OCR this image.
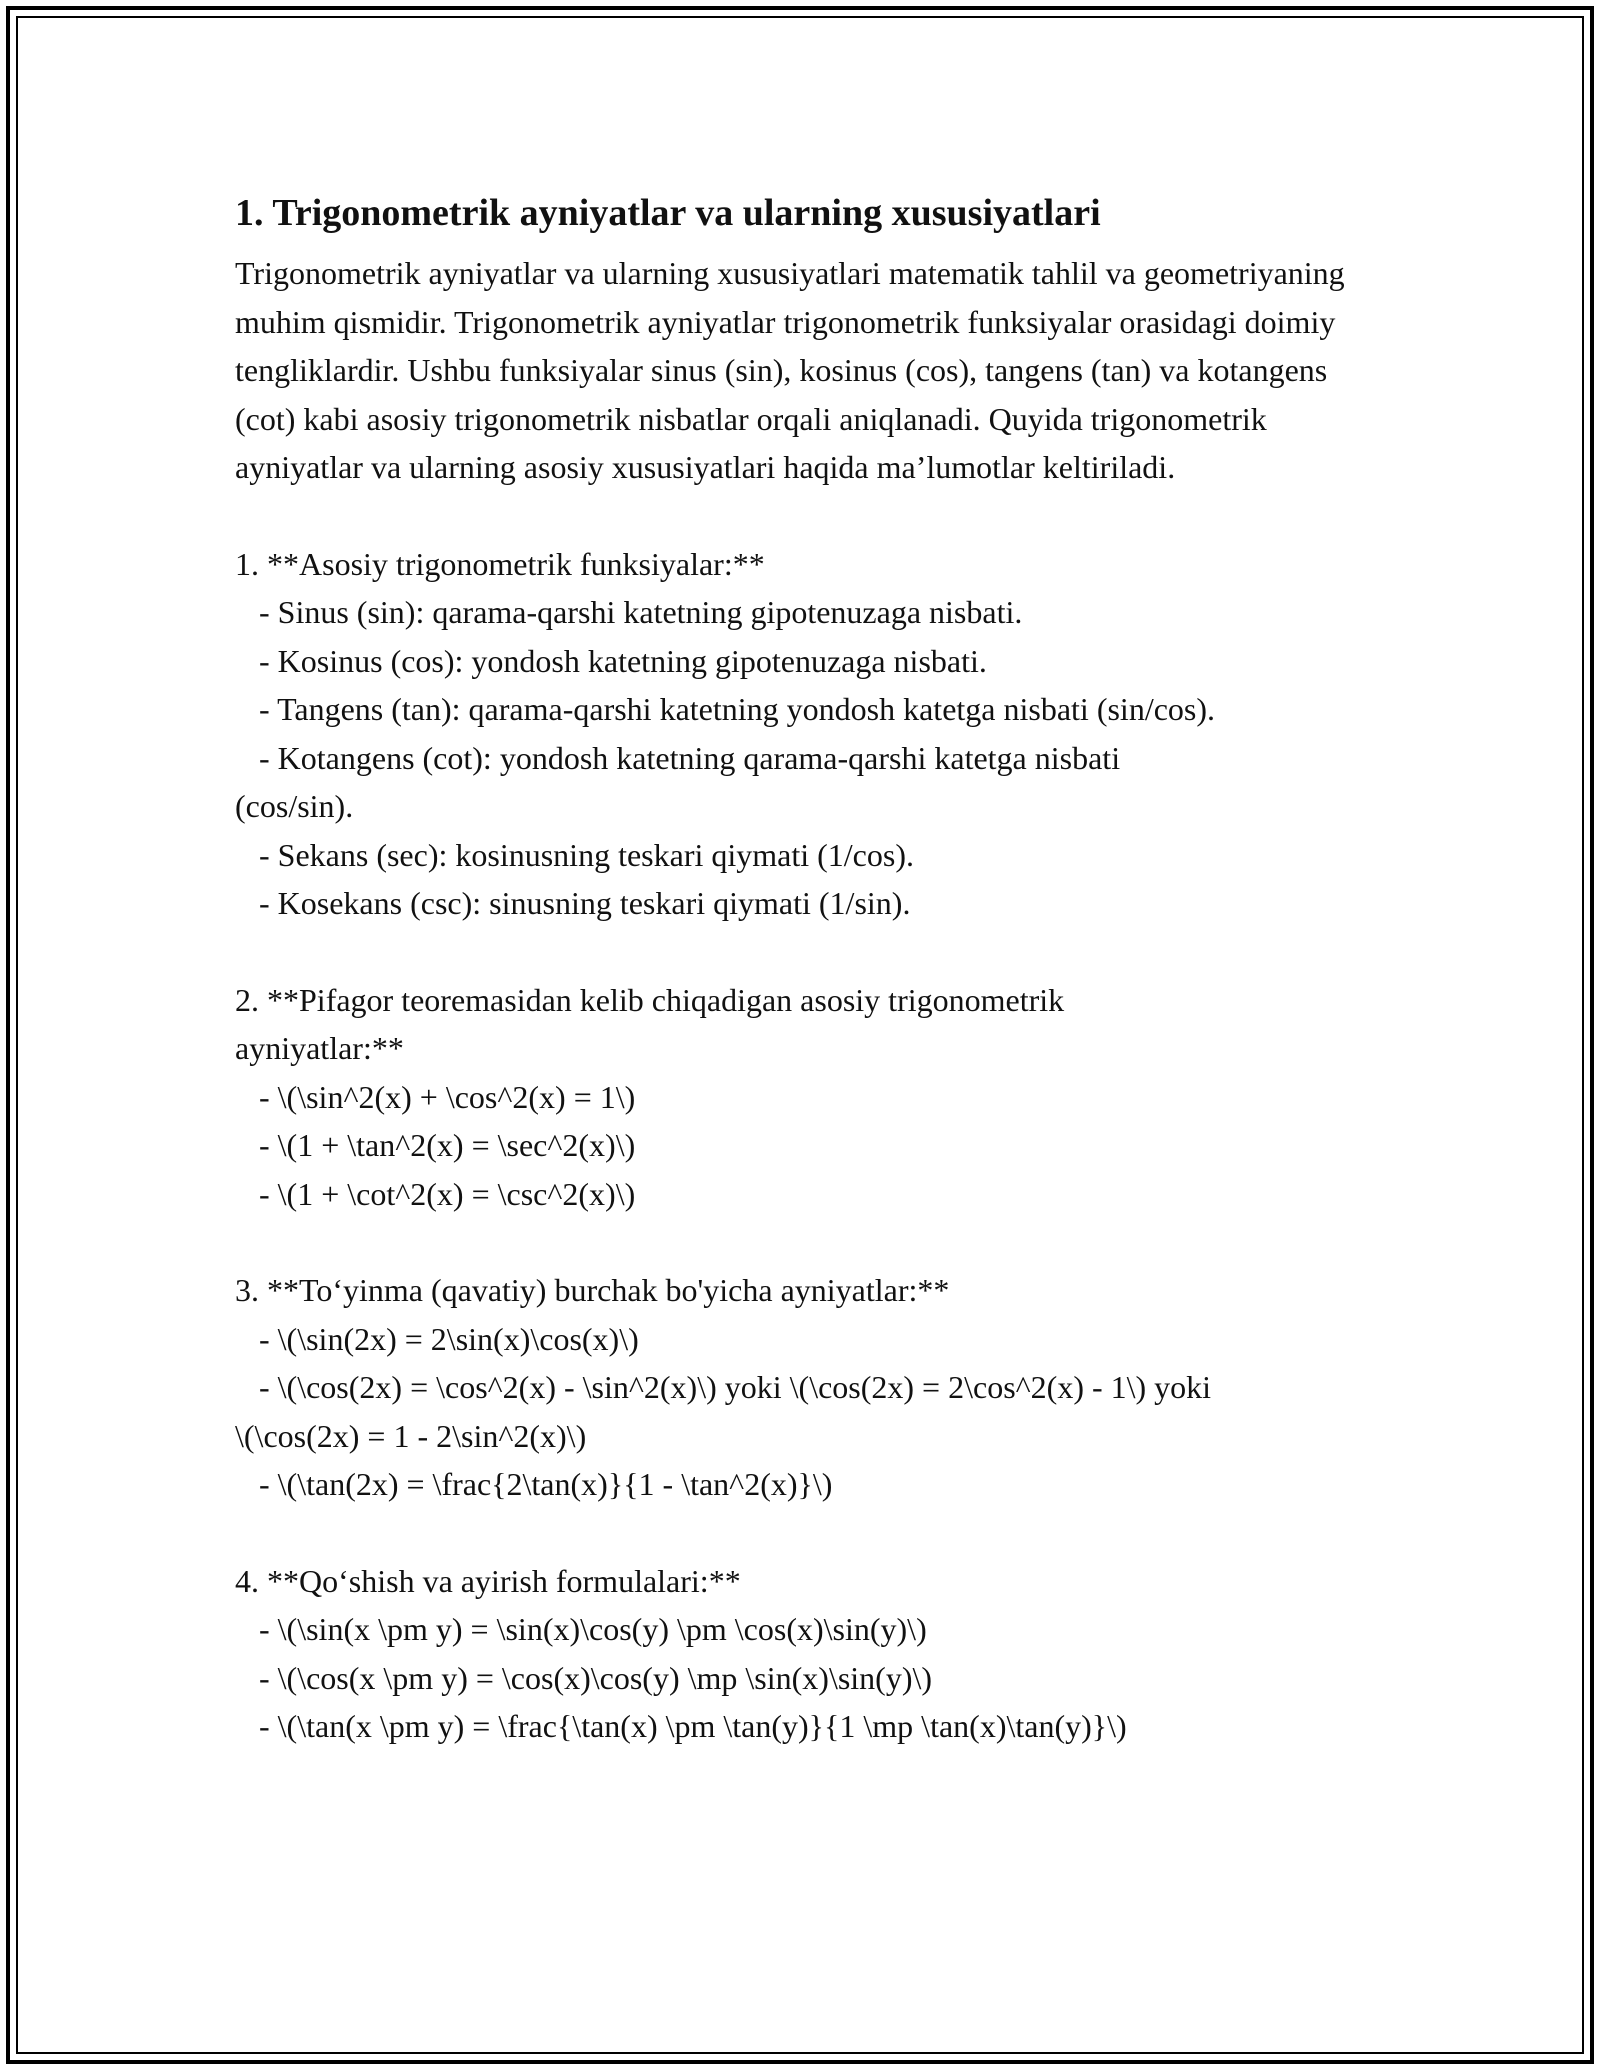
1. Trigonometrik ayniyatlar va ularning xususiyatlari

Trigonometrik ayniyatlar va ularning xususiyatlari matematik tahlil va geometriyaning muhim qismidir. Trigonometrik ayniyatlar trigonometrik funksiyalar orasidagi doimiy tengliklardir. Ushbu funksiyalar sinus (sin), kosinus (cos), tangens (tan) va kotangens (cot) kabi asosiy trigonometrik nisbatlar orqali aniqlanadi. Quyida trigonometrik ayniyatlar va ularning asosiy xususiyatlari haqida ma’lumotlar keltiriladi.

1. **Asosiy trigonometrik funksiyalar:**
- Sinus (sin): qarama-qarshi katetning gipotenuzaga nisbati.
- Kosinus (cos): yondosh katetning gipotenuzaga nisbati.
- Tangens (tan): qarama-qarshi katetning yondosh katetga nisbati (sin/cos).
- Kotangens (cot): yondosh katetning qarama-qarshi katetga nisbati
(cos/sin).
- Sekans (sec): kosinusning teskari qiymati (1/cos).
- Kosekans (csc): sinusning teskari qiymati (1/sin).
2. **Pifagor teoremasidan kelib chiqadigan asosiy trigonometrik
ayniyatlar:**
- \(\sin^2(x) + \cos^2(x) = 1\)
- \(1 + \tan^2(x) = \sec^2(x)\)
- \(1 + \cot^2(x) = \csc^2(x)\)
3. **To‘yinma (qavatiy) burchak bo'yicha ayniyatlar:**
- \(\sin(2x) = 2\sin(x)\cos(x)\)
- \(\cos(2x) = \cos^2(x) - \sin^2(x)\) yoki \(\cos(2x) = 2\cos^2(x) - 1\) yoki
\(\cos(2x) = 1 - 2\sin^2(x)\)
- \(\tan(2x) = \frac{2\tan(x)}{1 - \tan^2(x)}\)
4. **Qo‘shish va ayirish formulalari:**
- \(\sin(x \pm y) = \sin(x)\cos(y) \pm \cos(x)\sin(y)\)
- \(\cos(x \pm y) = \cos(x)\cos(y) \mp \sin(x)\sin(y)\)
- \(\tan(x \pm y) = \frac{\tan(x) \pm \tan(y)}{1 \mp \tan(x)\tan(y)}\)
